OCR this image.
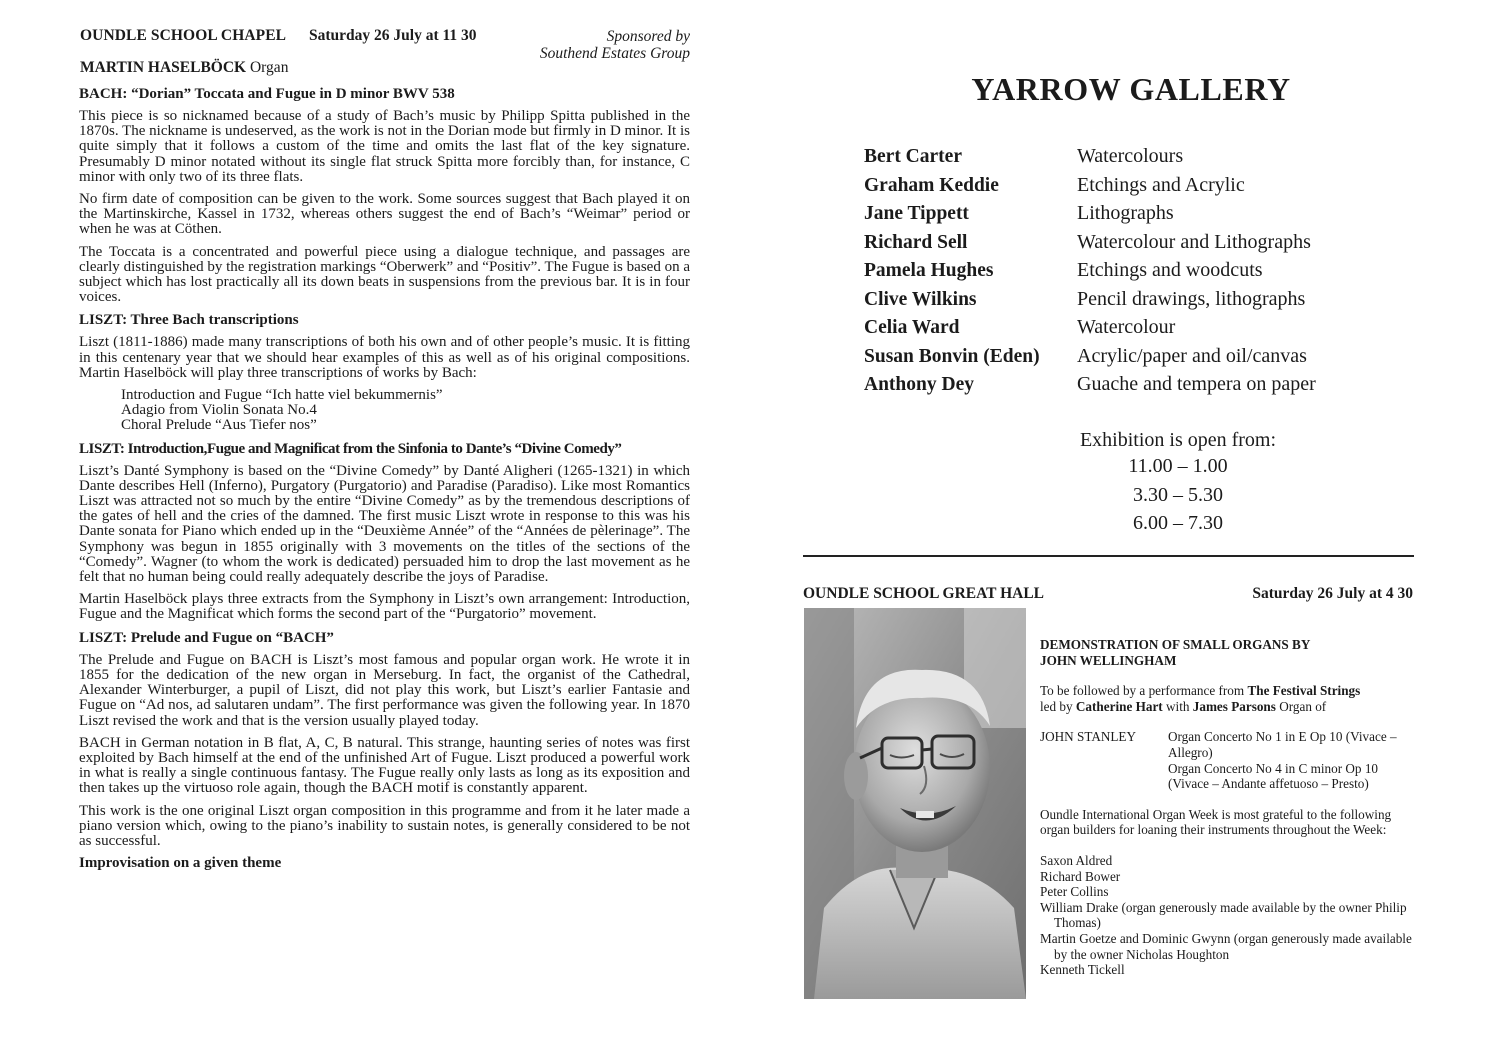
OUNDLE SCHOOL CHAPEL Saturday 26 July at 11 30	Sponsored by
Southend Estates Group
MARTIN HASELBÖCK Organ
BACH: “Dorian” Toccata and Fugue in D minor BWV 538

This piece is so nicknamed because of a study of Bach’s music by Philipp Spitta published in the 1870s. The nickname is undeserved, as the work is not in the Dorian mode but firmly in D minor. It is quite simply that it follows a custom of the time and omits the last flat of the key signature. Presumably D minor notated without its single flat struck Spitta more forcibly than, for instance, C minor with only two of its three flats.

No firm date of composition can be given to the work. Some sources suggest that Bach played it on the Martinskirche, Kassel in 1732, whereas others suggest the end of Bach’s “Weimar” period or when he was at Cöthen.

The Toccata is a concentrated and powerful piece using a dialogue technique, and passages are clearly distinguished by the registration markings “Oberwerk” and “Positiv”. The Fugue is based on a subject which has lost practically all its down beats in suspensions from the previous bar. It is in four voices.

LISZT: Three Bach transcriptions

Liszt (1811-1886) made many transcriptions of both his own and of other people’s music. It is fitting in this centenary year that we should hear examples of this as well as of his original compositions. Martin Haselböck will play three transcriptions of works by Bach:

Introduction and Fugue “Ich hatte viel bekummernis”
Adagio from Violin Sonata No.4
Choral Prelude “Aus Tiefer nos”
LISZT: Introduction,Fugue and Magnificat from the Sinfonia to Dante’s “Divine Comedy”

Liszt’s Danté Symphony is based on the “Divine Comedy” by Danté Aligheri (1265-1321) in which Dante describes Hell (Inferno), Purgatory (Purgatorio) and Paradise (Paradiso). Like most Romantics Liszt was attracted not so much by the entire “Divine Comedy” as by the tremendous descriptions of the gates of hell and the cries of the damned. The first music Liszt wrote in response to this was his Dante sonata for Piano which ended up in the “Deuxième Année” of the “Années de pèlerinage”. The Symphony was begun in 1855 originally with 3 movements on the titles of the sections of the “Comedy”. Wagner (to whom the work is dedicated) persuaded him to drop the last movement as he felt that no human being could really adequately describe the joys of Paradise.

Martin Haselböck plays three extracts from the Symphony in Liszt’s own arrangement: Introduction, Fugue and the Magnificat which forms the second part of the “Purgatorio” movement.

LISZT: Prelude and Fugue on “BACH”

The Prelude and Fugue on BACH is Liszt’s most famous and popular organ work. He wrote it in 1855 for the dedication of the new organ in Merseburg. In fact, the organist of the Cathedral, Alexander Winterburger, a pupil of Liszt, did not play this work, but Liszt’s earlier Fantasie and Fugue on “Ad nos, ad salutaren undam”. The first performance was given the following year. In 1870 Liszt revised the work and that is the version usually played today.

BACH in German notation in B flat, A, C, B natural. This strange, haunting series of notes was first exploited by Bach himself at the end of the unfinished Art of Fugue. Liszt produced a powerful work in what is really a single continuous fantasy. The Fugue really only lasts as long as its exposition and then takes up the virtuoso role again, though the BACH motif is constantly apparent.

This work is the one original Liszt organ composition in this programme and from it he later made a piano version which, owing to the piano’s inability to sustain notes, is generally considered to be not as successful.

Improvisation on a given theme
YARROW GALLERY
Bert Carter	Watercolours
Graham Keddie	Etchings and Acrylic
Jane Tippett	Lithographs
Richard Sell	Watercolour and Lithographs
Pamela Hughes	Etchings and woodcuts
Clive Wilkins	Pencil drawings, lithographs
Celia Ward	Watercolour
Susan Bonvin (Eden)	Acrylic/paper and oil/canvas
Anthony Dey	Guache and tempera on paper
Exhibition is open from:
11.00 – 1.00
3.30 – 5.30
6.00 – 7.30
OUNDLE SCHOOL GREAT HALL	Saturday 26 July at 4 30
DEMONSTRATION OF SMALL ORGANS BY
JOHN WELLINGHAM

To be followed by a performance from The Festival Strings
led by Catherine Hart with James Parsons Organ of

JOHN STANLEY	Organ Concerto No 1 in E Op 10 (Vivace – Allegro)
Organ Concerto No 4 in C minor Op 10 (Vivace – Andante affetuoso – Presto)

Oundle International Organ Week is most grateful to the following organ builders for loaning their instruments throughout the Week:

Saxon Aldred
Richard Bower
Peter Collins
William Drake (organ generously made available by the owner Philip Thomas)
Martin Goetze and Dominic Gwynn (organ generously made available by the owner Nicholas Houghton
Kenneth Tickell
